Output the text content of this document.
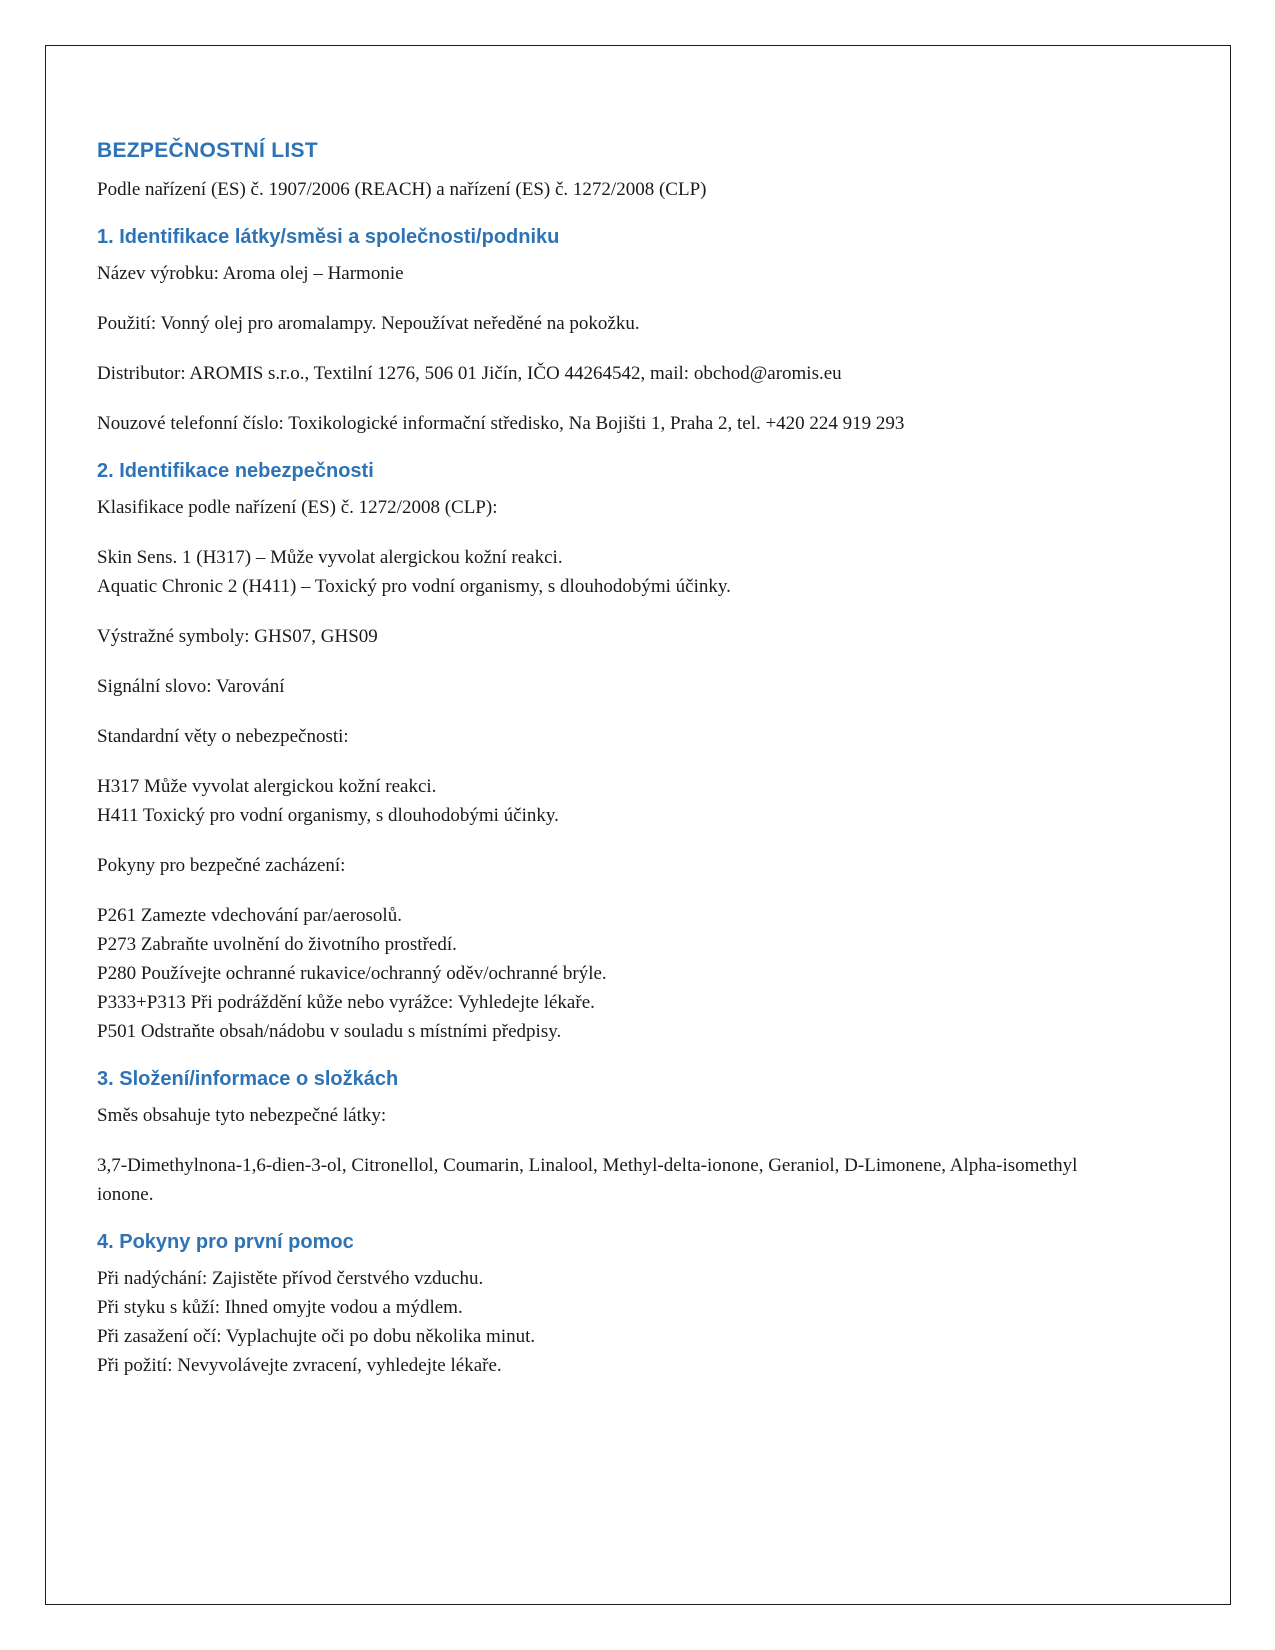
BEZPEČNOSTNÍ LIST
Podle nařízení (ES) č. 1907/2006 (REACH) a nařízení (ES) č. 1272/2008 (CLP)
1. Identifikace látky/směsi a společnosti/podniku
Název výrobku: Aroma olej – Harmonie
Použití: Vonný olej pro aromalampy. Nepoužívat neředěné na pokožku.
Distributor: AROMIS s.r.o., Textilní 1276, 506 01 Jičín, IČO 44264542, mail: obchod@aromis.eu
Nouzové telefonní číslo: Toxikologické informační středisko, Na Bojišti 1, Praha 2, tel. +420 224 919 293
2. Identifikace nebezpečnosti
Klasifikace podle nařízení (ES) č. 1272/2008 (CLP):
Skin Sens. 1 (H317) – Může vyvolat alergickou kožní reakci.
Aquatic Chronic 2 (H411) – Toxický pro vodní organismy, s dlouhodobými účinky.
Výstražné symboly: GHS07, GHS09
Signální slovo: Varování
Standardní věty o nebezpečnosti:
H317 Může vyvolat alergickou kožní reakci.
H411 Toxický pro vodní organismy, s dlouhodobými účinky.
Pokyny pro bezpečné zacházení:
P261 Zamezte vdechování par/aerosolů.
P273 Zabraňte uvolnění do životního prostředí.
P280 Používejte ochranné rukavice/ochranný oděv/ochranné brýle.
P333+P313 Při podráždění kůže nebo vyrážce: Vyhledejte lékaře.
P501 Odstraňte obsah/nádobu v souladu s místními předpisy.
3. Složení/informace o složkách
Směs obsahuje tyto nebezpečné látky:
3,7-Dimethylnona-1,6-dien-3-ol, Citronellol, Coumarin, Linalool, Methyl-delta-ionone, Geraniol, D-Limonene, Alpha-isomethyl ionone.
4. Pokyny pro první pomoc
Při nadýchání: Zajistěte přívod čerstvého vzduchu.
Při styku s kůží: Ihned omyjte vodou a mýdlem.
Při zasažení očí: Vyplachujte oči po dobu několika minut.
Při požití: Nevyvolávejte zvracení, vyhledejte lékaře.
